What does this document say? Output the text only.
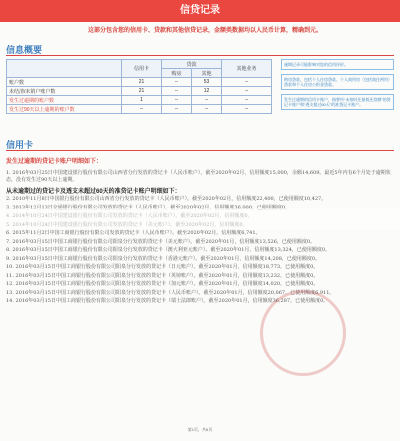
信贷记录
这部分包含您的信用卡、贷款和其他信贷记录，金额类数据均以人民币计算，精确到元。
信息概要
	信用卡	贷款		其他业务
		购房	其他	
账户数	21	--	53	--
未结清/未销户账户数	21	--	12	--
发生过逾期的账户数	1	--	--	--
发生过90天以上逾期的账户数	--	--	--	--
逾期记录可能影响对您的信用评价。
购房贷款，包括个人住房贷款、个人商用房（包括商住两用）贷款和个人住房公积金贷款。
发生过逾期的信用卡账户，指曾经“未按时还最低还款额”的贷记卡账户和“透支超过60天”的准贷记卡账户。
信用卡
发生过逾期的贷记卡账户明细如下：
1. 2016年03月25日中国建设银行股份有限公司山西省分行发放的贷记卡（人民币账户），截至2020年02月，信用额度15,000，余额14,609。最近5年内有6个月处于逾期状态，没有发生过90天以上逾期。
从未逾期过的贷记卡及透支未超过60天的准贷记卡账户明细如下：
2. 2010年11月8日中国银行股份有限公司山西省分行发放的贷记卡（人民币账户）。截至2020年02月，信用额度22,400，已使用额度10,427。
6. 2015年11月2日中国工商银行股份有限公司发放的贷记卡（人民币账户）。截至2020年02月，信用额度6,741。
7. 2016年03月15日中国工商银行股份有限公司阳泉分行发放的贷记卡（美元账户）。截至2020年01月，信用额度13,526，已使用额度0。
8. 2016年03月15日中国工商银行股份有限公司阳泉分行发放的贷记卡（澳大利亚元账户）。截至2020年01月，信用额度13,324，已使用额度0。
9. 2016年03月15日中国工商银行股份有限公司阳泉分行发放的贷记卡（香港元账户）。截至2020年01月，信用额度14,208，已使用额度0。
10. 2016年03月15日中国工商银行股份有限公司阳泉分行发放的贷记卡（日元账户）。截至2020年01月，信用额度18,773，已使用额度0。
11. 2016年03月15日中国工商银行股份有限公司阳泉分行发放的贷记卡（英镑账户）。截至2020年01月，信用额度13,232，已使用额度0。
12. 2016年03月15日中国工商银行股份有限公司阳泉分行发放的贷记卡（加元账户）。截至2020年01月，信用额度14,020，已使用额度0。
13. 2016年03月15日中国工商银行股份有限公司阳泉分行发放的贷记卡（人民币账户）。截至2020年01月，信用额度20,067，已使用额度6,911。
14. 2016年03月15日中国工商银行股份有限公司阳泉分行发放的贷记卡（瑞士法郎账户）。截至2020年01月，信用额度36,287，已使用额度0。
第1页，共6页
